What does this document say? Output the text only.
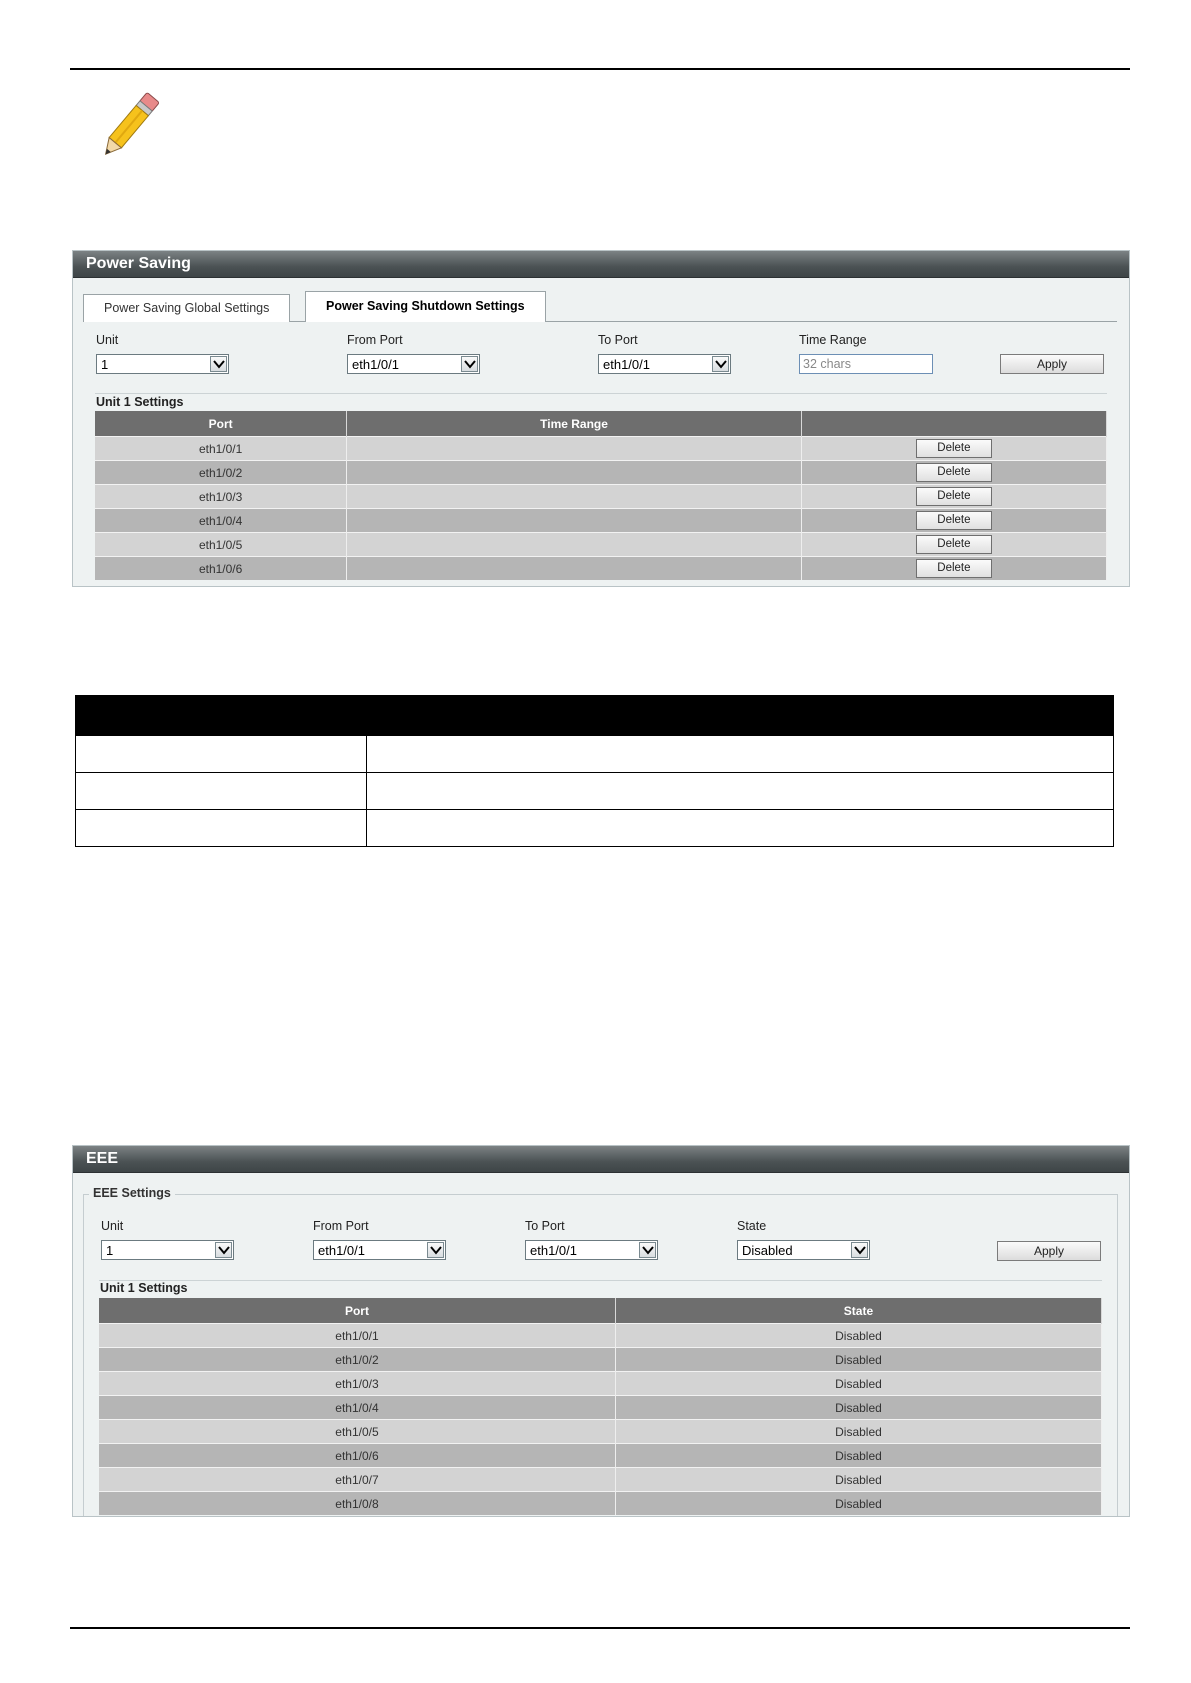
Power Saving
Power Saving Global Settings	Power Saving Shutdown Settings
Unit
1
From Port
eth1/0/1
To Port
eth1/0/1
Time Range
32 chars	Apply
Unit 1 Settings
Port	Time Range	
eth1/0/1		Delete
eth1/0/2		Delete
eth1/0/3		Delete
eth1/0/4		Delete
eth1/0/5		Delete
eth1/0/6		Delete

EEE
EEE Settings
Unit
1
From Port
eth1/0/1
To Port
eth1/0/1
State
Disabled	Apply
Unit 1 Settings
Port	State
eth1/0/1	Disabled
eth1/0/2	Disabled
eth1/0/3	Disabled
eth1/0/4	Disabled
eth1/0/5	Disabled
eth1/0/6	Disabled
eth1/0/7	Disabled
eth1/0/8	Disabled
